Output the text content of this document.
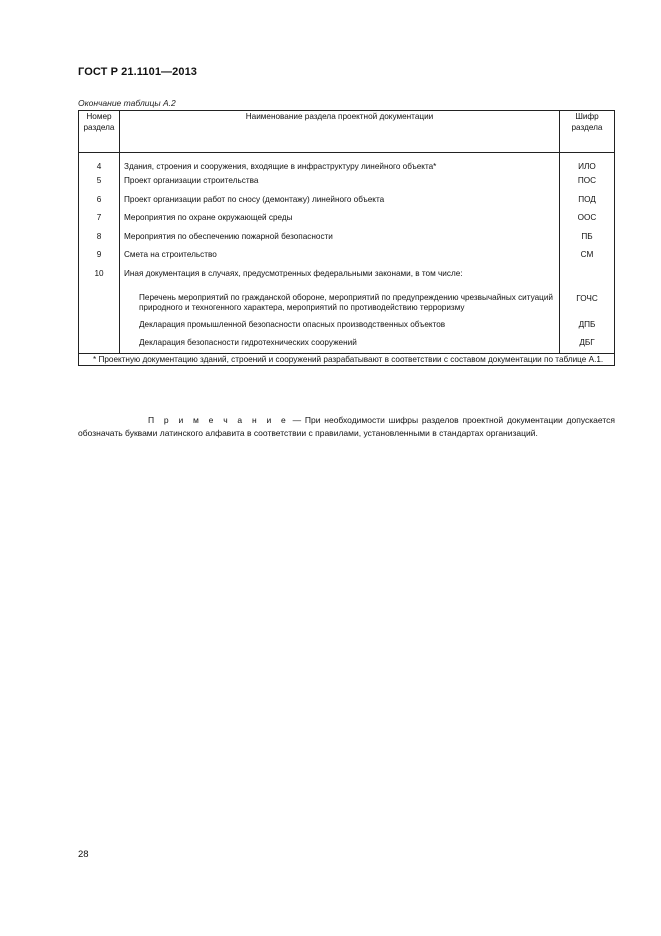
ГОСТ Р 21.1101—2013
Окончание таблицы А.2
Номер раздела	Наименование раздела проектной документации	Шифр раздела
4	Здания, строения и сооружения, входящие в инфраструктуру линейного объекта*	ИЛО
5	Проект организации строительства	ПОС
6	Проект организации работ по сносу (демонтажу) линейного объекта	ПОД
7	Мероприятия по охране окружающей среды	ООС
8	Мероприятия по обеспечению пожарной безопасности	ПБ
9	Смета на строительство	СМ
10	Иная документация в случаях, предусмотренных федеральными законами, в том числе:	
	Перечень мероприятий по гражданской обороне, мероприятий по предупреждению чрезвычайных ситуаций природного и техногенного характера, мероприятий по противодействию терроризму	ГОЧС
	Декларация промышленной безопасности опасных производственных объектов	ДПБ
	Декларация безопасности гидротехнических сооружений	ДБГ

* Проектную документацию зданий, строений и сооружений разрабатывают в соответствии с составом документации по таблице А.1.		
П р и м е ч а н и е — При необходимости шифры разделов проектной документации допускается обозначать буквами латинского алфавита в соответствии с правилами, установленными в стандартах организаций.
28
